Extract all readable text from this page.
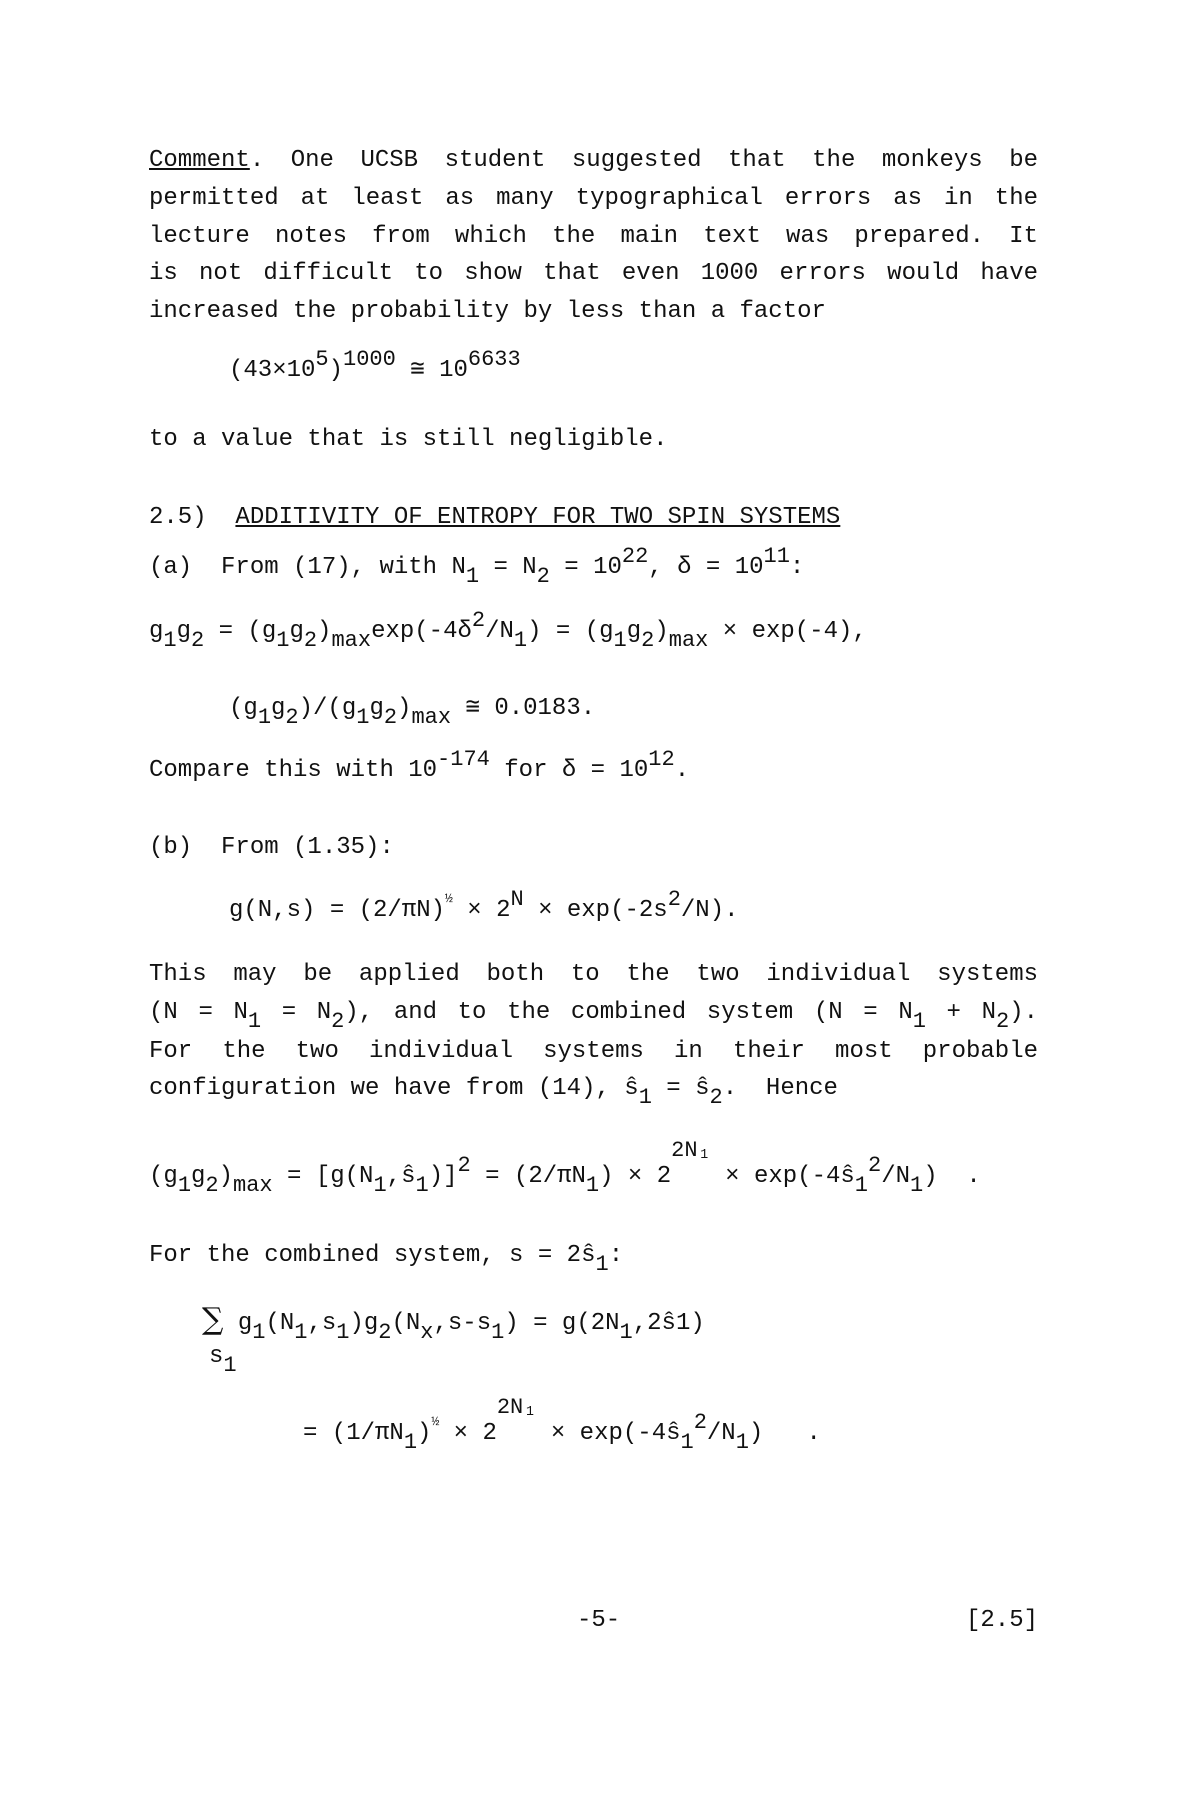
Comment. One UCSB student suggested that the monkeys be
permitted at least as many typographical errors as in the
lecture notes from which the main text was prepared. It
is not difficult to show that even 1000 errors would have
increased the probability by less than a factor
(43×105)1000 ≅ 106633
to a value that is still negligible.
2.5)  ADDITIVITY OF ENTROPY FOR TWO SPIN SYSTEMS
(a)  From (17), with N1 = N2 = 1022, δ = 1011:
g1g2 = (g1g2)maxexp(-4δ2/N1) = (g1g2)max × exp(-4),
(g1g2)/(g1g2)max ≅ 0.0183.
Compare this with 10-174 for δ = 1012.
(b)  From (1.35):
$g(N,s) = (2/\pi N)^{\frac{1}{2}} \times 2N \times \exp(-2s2/N)$.
This may be applied both to the two individual systems
(N = N1 = N2), and to the combined system (N = N1 + N2).
For the two individual systems in their most probable
configuration we have from (14), ŝ1 = ŝ2.  Hence
(g1g2)max = [g(N1,ŝ1)]2 = (2/πN1) × 22N₁ × exp(-4ŝ12/N1)  .
For the combined system, s = 2ŝ1:
∑ g1(N1,s1)g2(Nx,s-s1) = g(2N1,2ŝ1)
s1
= $(1/\pi N1)^{\frac{1}{2}} \times 22N_1$ × exp(-4ŝ12/N1)   .
-5-	[2.5]
